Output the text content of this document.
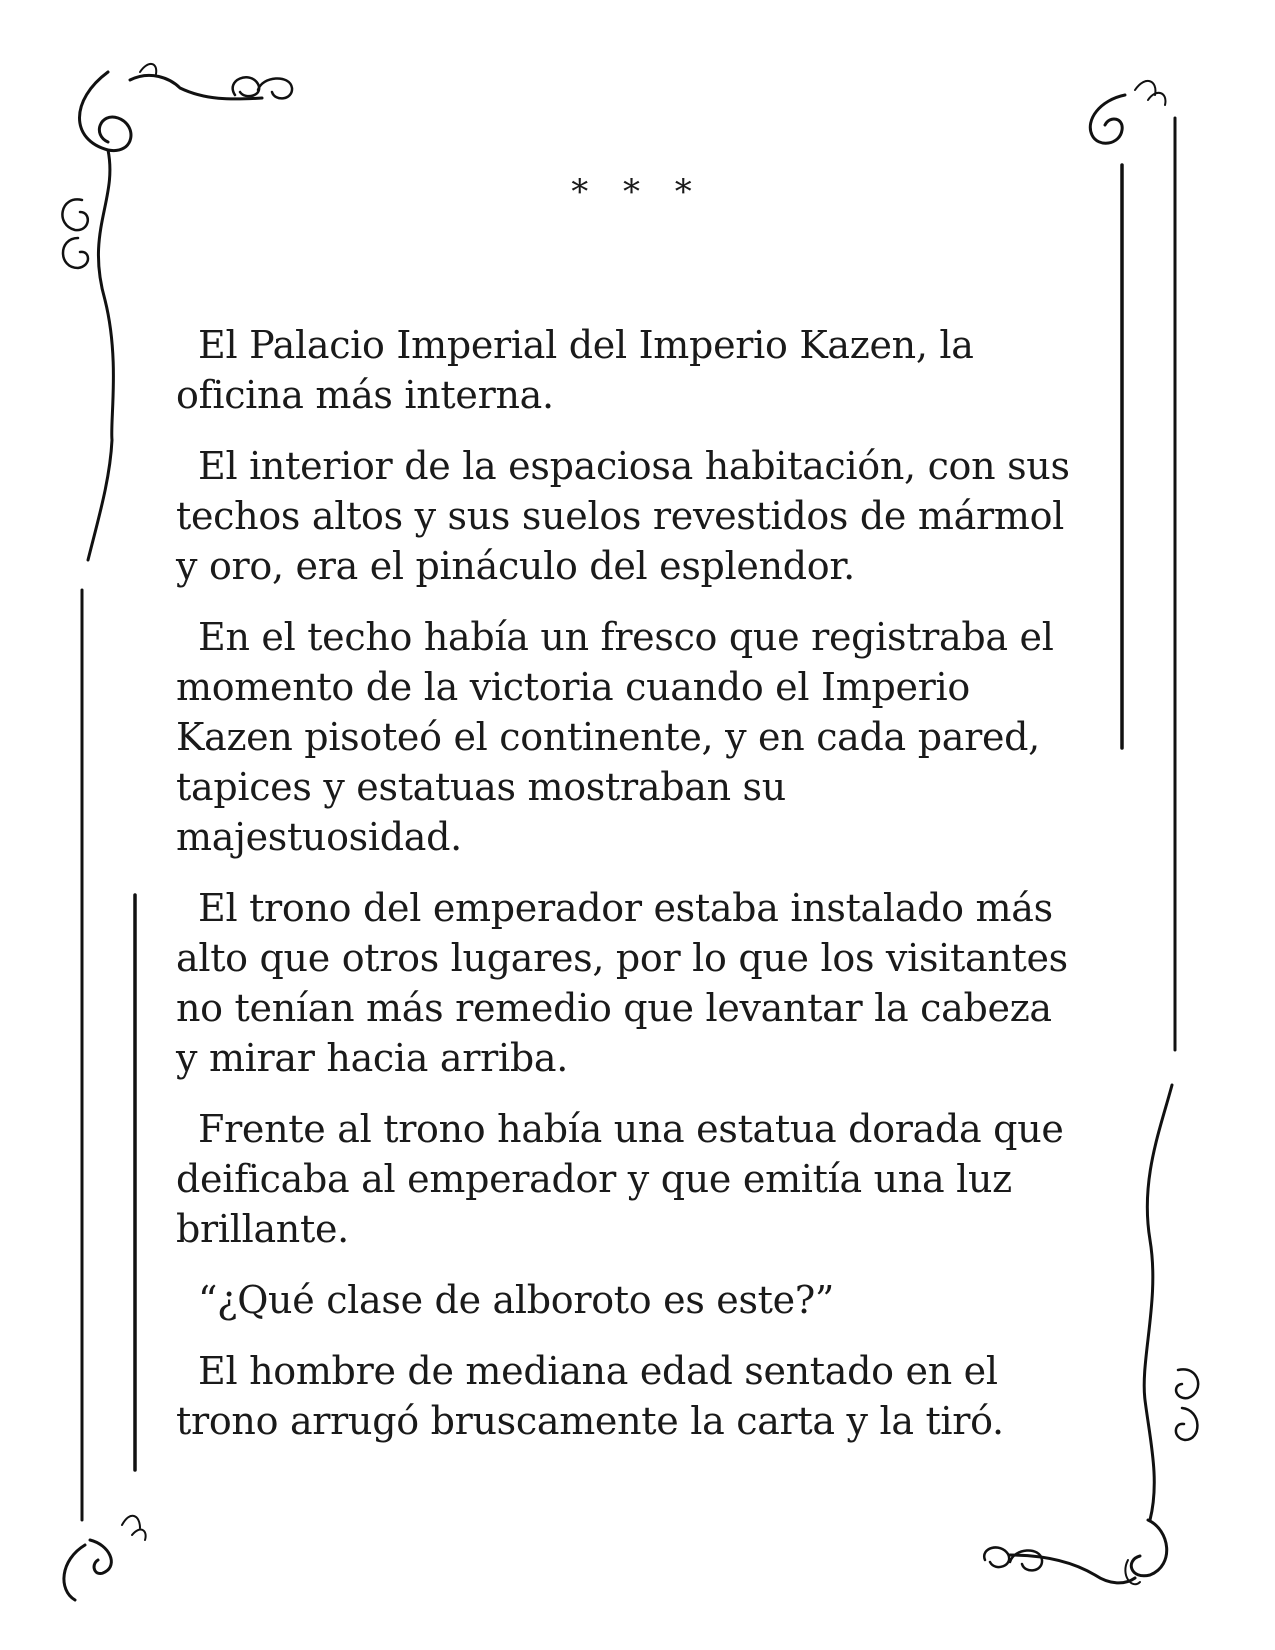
* * *

El Palacio Imperial del Imperio Kazen, la oficina más interna.

El interior de la espaciosa habitación, con sus techos altos y sus suelos revestidos de mármol y oro, era el pináculo del esplendor.

En el techo había un fresco que registraba el momento de la victoria cuando el Imperio Kazen pisoteó el continente, y en cada pared, tapices y estatuas mostraban su majestuosidad.

El trono del emperador estaba instalado más alto que otros lugares, por lo que los visitantes no tenían más remedio que levantar la cabeza y mirar hacia arriba.

Frente al trono había una estatua dorada que deificaba al emperador y que emitía una luz brillante.

“¿Qué clase de alboroto es este?”

El hombre de mediana edad sentado en el trono arrugó bruscamente la carta y la tiró.
